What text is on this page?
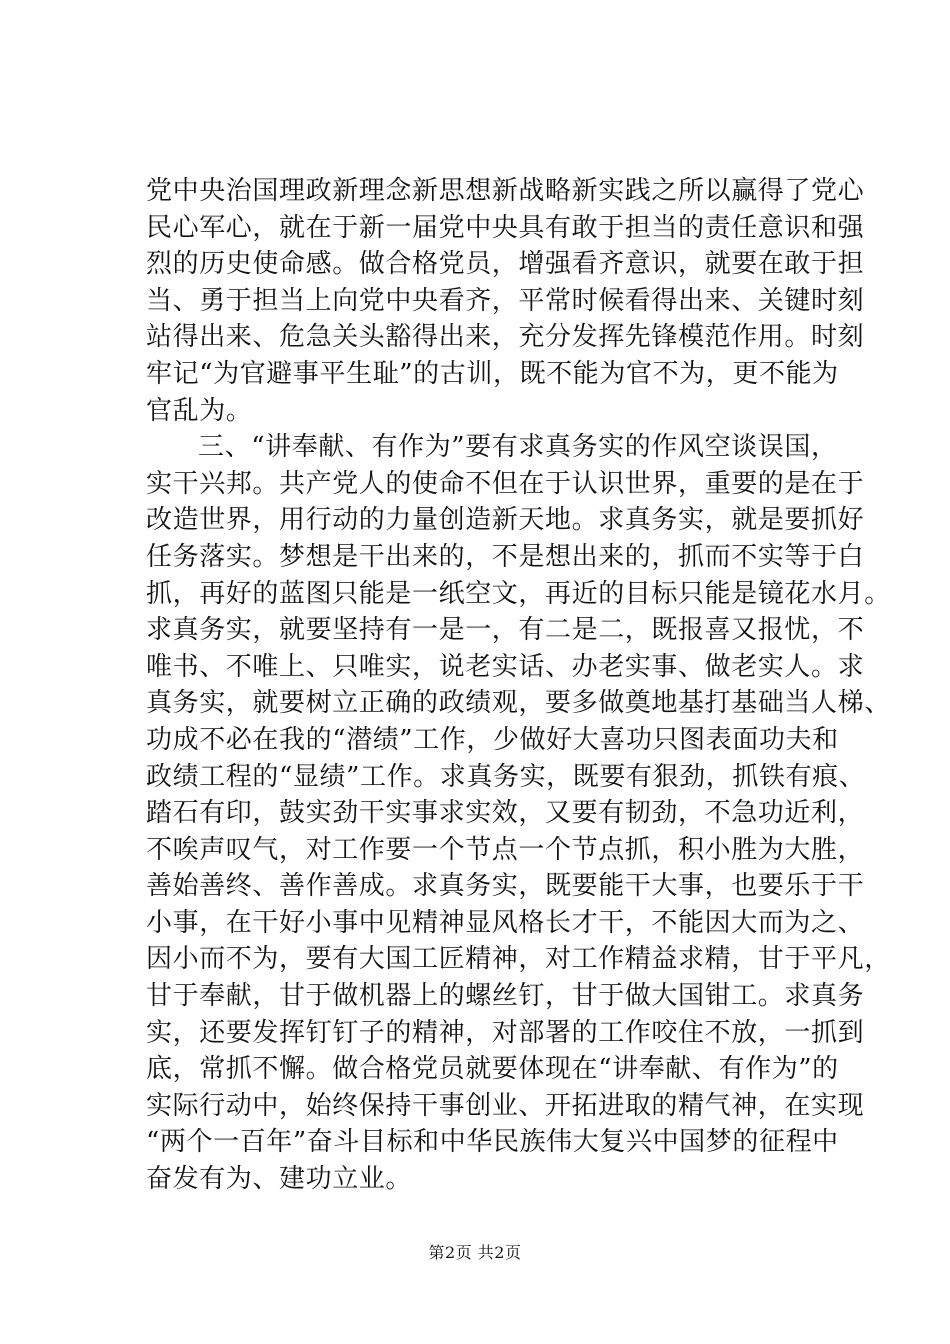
党中央治国理政新理念新思想新战略新实践之所以赢得了党心
民心军心，就在于新一届党中央具有敢于担当的责任意识和强
烈的历史使命感。做合格党员，增强看齐意识，就要在敢于担
当、勇于担当上向党中央看齐，平常时候看得出来、关键时刻
站得出来、危急关头豁得出来，充分发挥先锋模范作用。时刻
牢记“为官避事平生耻”的古训，既不能为官不为，更不能为
官乱为。
三、“讲奉献、有作为”要有求真务实的作风空谈误国，
实干兴邦。共产党人的使命不但在于认识世界，重要的是在于
改造世界，用行动的力量创造新天地。求真务实，就是要抓好
任务落实。梦想是干出来的，不是想出来的，抓而不实等于白
抓，再好的蓝图只能是一纸空文，再近的目标只能是镜花水月。
求真务实，就要坚持有一是一，有二是二，既报喜又报忧，不
唯书、不唯上、只唯实，说老实话、办老实事、做老实人。求
真务实，就要树立正确的政绩观，要多做奠地基打基础当人梯、
功成不必在我的“潜绩”工作，少做好大喜功只图表面功夫和
政绩工程的“显绩”工作。求真务实，既要有狠劲，抓铁有痕、
踏石有印，鼓实劲干实事求实效，又要有韧劲，不急功近利，
不唉声叹气，对工作要一个节点一个节点抓，积小胜为大胜，
善始善终、善作善成。求真务实，既要能干大事，也要乐于干
小事，在干好小事中见精神显风格长才干，不能因大而为之、
因小而不为，要有大国工匠精神，对工作精益求精，甘于平凡，
甘于奉献，甘于做机器上的螺丝钉，甘于做大国钳工。求真务
实，还要发挥钉钉子的精神，对部署的工作咬住不放，一抓到
底，常抓不懈。做合格党员就要体现在“讲奉献、有作为”的
实际行动中，始终保持干事创业、开拓进取的精气神，在实现
“两个一百年”奋斗目标和中华民族伟大复兴中国梦的征程中
奋发有为、建功立业。
第2页 共2页
